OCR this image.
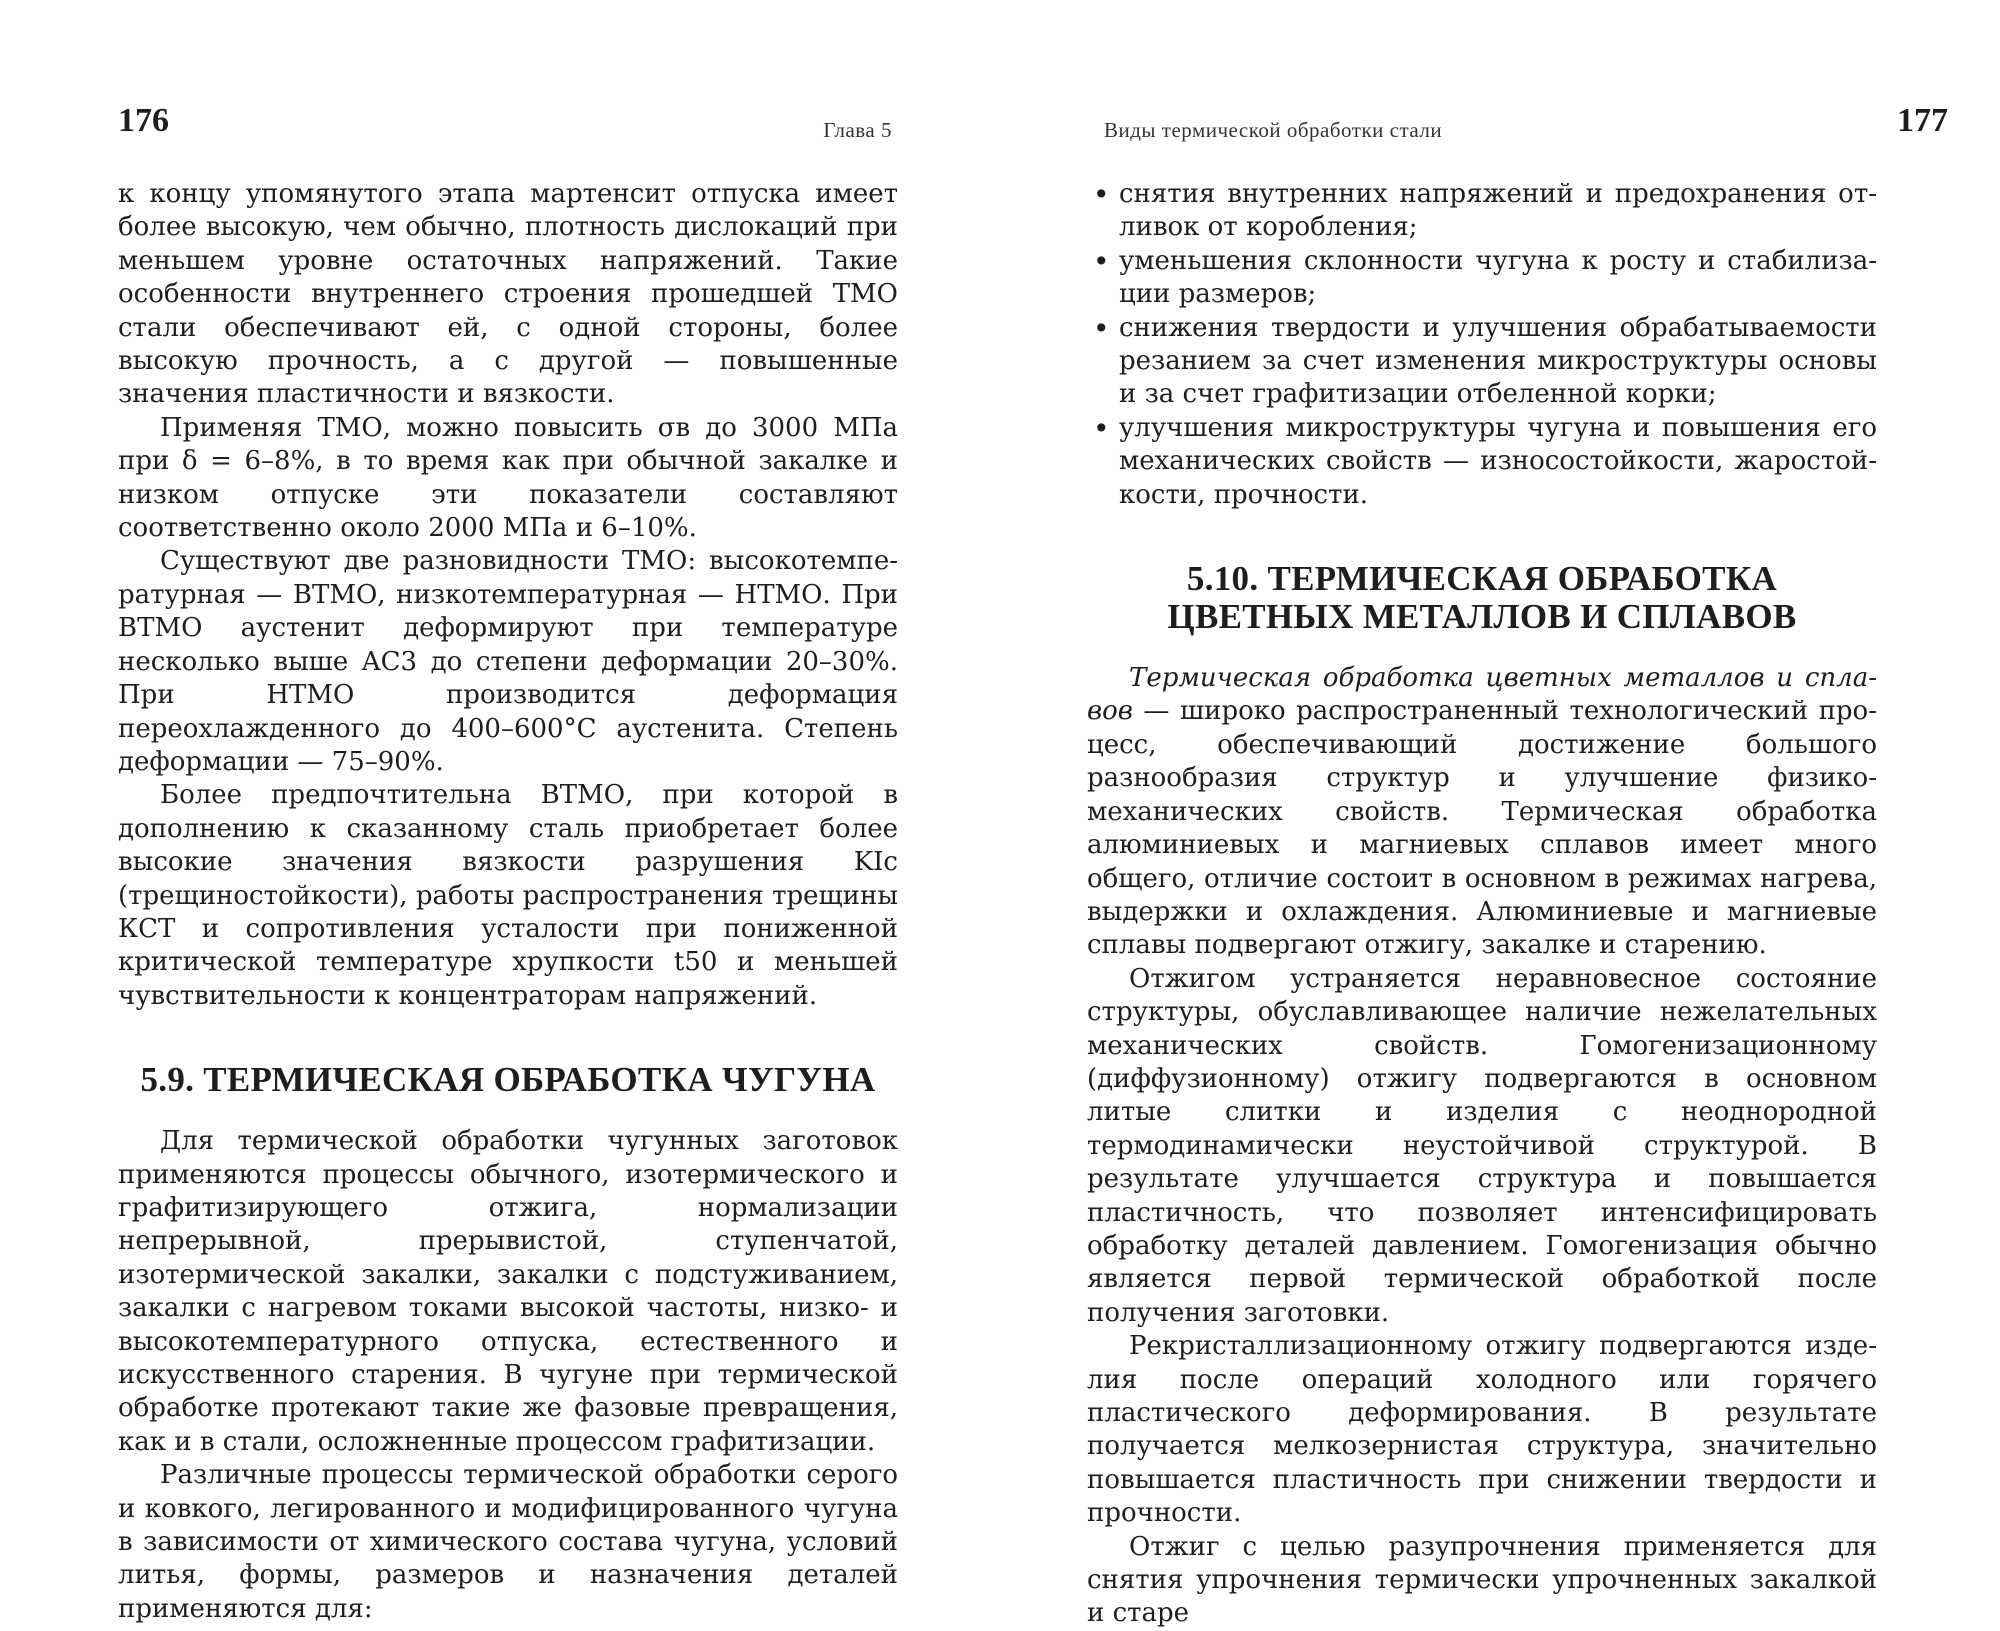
176	Глава 5

к концу упомянутого этапа мартенсит отпуска имеет более высокую, чем обычно, плотность дислокаций при меньшем уровне остаточных напряжений. Такие особенности внутреннего строения прошедшей ТМО стали обеспечивают ей, с одной стороны, более высокую прочность, а с другой — повышенные значения пластичности и вязкости.

Применяя ТМО, можно повысить σв до 3000 МПа при δ = 6–8%, в то время как при обычной закалке и низком отпуске эти показатели составляют соответственно около 2000 МПа и 6–10%.

Существуют две разновидности ТМО: высокотемпературная — ВТМО, низкотемпературная — НТМО. При ВТМО аустенит деформируют при температуре несколько выше AC3 до степени деформации 20–30%. При НТМО производится деформация переохлажденного до 400–600°С аустенита. Степень деформации — 75–90%.

Более предпочтительна ВТМО, при которой в дополнению к сказанному сталь приобретает более высокие значения вязкости разрушения KIc (трещиностойкости), работы распространения трещины КСТ и сопротивления усталости при пониженной критической температуре хрупкости t50 и меньшей чувствительности к концентраторам напряжений.

5.9. ТЕРМИЧЕСКАЯ ОБРАБОТКА ЧУГУНА

Для термической обработки чугунных заготовок применяются процессы обычного, изотермического и графитизирующего отжига, нормализации непрерывной, прерывистой, ступенчатой, изотермической закалки, закалки с подстуживанием, закалки с нагревом токами высокой частоты, низко- и высокотемпературного отпуска, естественного и искусственного старения. В чугуне при термической обработке протекают такие же фазовые превращения, как и в стали, осложненные процессом графитизации.

Различные процессы термической обработки серого и ковкого, легированного и модифицированного чугуна в зависимости от химического состава чугуна, условий литья, формы, размеров и назначения деталей применяются для:

Виды термической обработки стали	177
• снятия внутренних напряжений и предохранения отливок от коробления;
• уменьшения склонности чугуна к росту и стабилизации размеров;
• снижения твердости и улучшения обрабатываемости резанием за счет изменения микроструктуры основы и за счет графитизации отбеленной корки;
• улучшения микроструктуры чугуна и повышения его механических свойств — износостойкости, жаростойкости, прочности.
5.10. ТЕРМИЧЕСКАЯ ОБРАБОТКА
ЦВЕТНЫХ МЕТАЛЛОВ И СПЛАВОВ

Термическая обработка цветных металлов и сплавов — широко распространенный технологический процесс, обеспечивающий достижение большого разнообразия структур и улучшение физико-механических свойств. Термическая обработка алюминиевых и магниевых сплавов имеет много общего, отличие состоит в основном в режимах нагрева, выдержки и охлаждения. Алюминиевые и магниевые сплавы подвергают отжигу, закалке и старению.

Отжигом устраняется неравновесное состояние структуры, обуславливающее наличие нежелательных механических свойств. Гомогенизационному (диффузионному) отжигу подвергаются в основном литые слитки и изделия с неоднородной термодинамически неустойчивой структурой. В результате улучшается структура и повышается пластичность, что позволяет интенсифицировать обработку деталей давлением. Гомогенизация обычно является первой термической обработкой после получения заготовки.

Рекристаллизационному отжигу подвергаются изделия после операций холодного или горячего пластического деформирования. В результате получается мелкозернистая структура, значительно повышается пластичность при снижении твердости и прочности.

Отжиг с целью разупрочнения применяется для снятия упрочнения термически упрочненных закалкой и старе
